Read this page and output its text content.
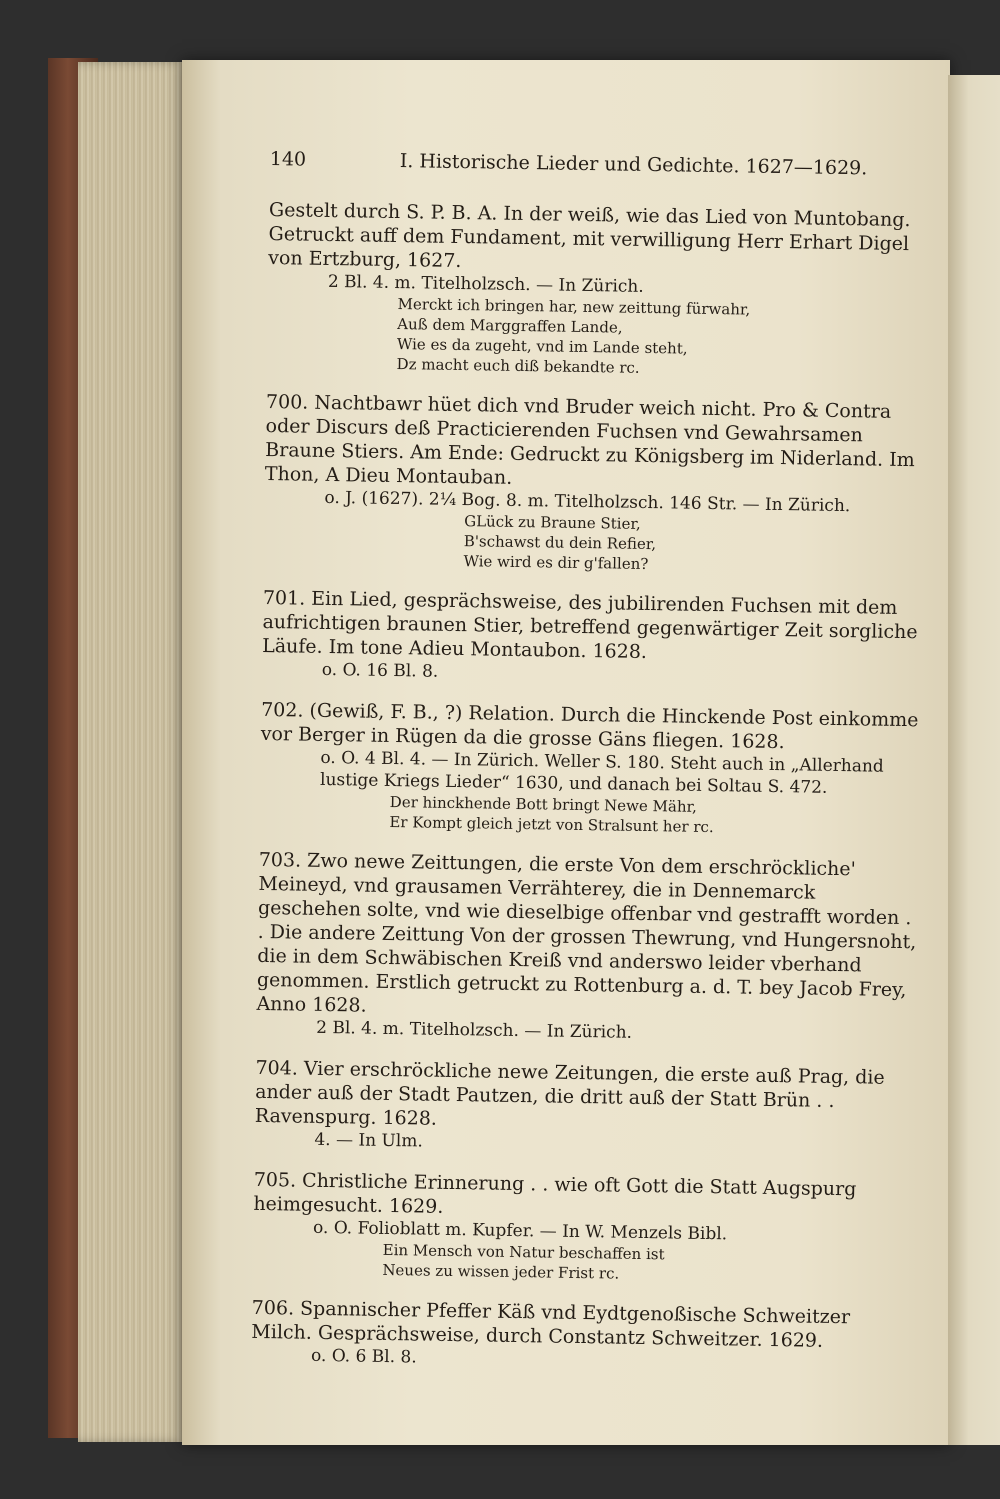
140	I. Historische Lieder und Gedichte. 1627—1629.

Gestelt durch S. P. B. A. In der weiß, wie das Lied von Muntobang. Getruckt auff dem Fundament, mit verwilligung Herr Erhart Digel von Ertzburg, 1627.

2 Bl. 4. m. Titelholzsch. — In Zürich.

Merckt ich bringen har, new zeittung fürwahr,

Auß dem Marggraffen Lande,

Wie es da zugeht, vnd im Lande steht,

Dz macht euch diß bekandte rc.

700. Nachtbawr hüet dich vnd Bruder weich nicht. Pro & Contra oder Discurs deß Practicierenden Fuchsen vnd Gewahrsamen Braune Stiers. Am Ende: Gedruckt zu Königsberg im Niderland. Im Thon, A Dieu Montauban.

o. J. (1627). 2¼ Bog. 8. m. Titelholzsch. 146 Str. — In Zürich.

GLück zu Braune Stier,

B'schawst du dein Refier,

Wie wird es dir g'fallen?

701. Ein Lied, gesprächsweise, des jubilirenden Fuchsen mit dem aufrichtigen braunen Stier, betreffend gegenwärtiger Zeit sorgliche Läufe. Im tone Adieu Montaubon. 1628.

o. O. 16 Bl. 8.

702. (Gewiß, F. B., ?) Relation. Durch die Hinckende Post einkomme vor Berger in Rügen da die grosse Gäns fliegen. 1628.

o. O. 4 Bl. 4. — In Zürich. Weller S. 180. Steht auch in „Allerhand lustige Kriegs Lieder“ 1630, und danach bei Soltau S. 472.

Der hinckhende Bott bringt Newe Mähr,

Er Kompt gleich jetzt von Stralsunt her rc.

703. Zwo newe Zeittungen, die erste Von dem erschröckliche' Meineyd, vnd grausamen Verrähterey, die in Dennemarck geschehen solte, vnd wie dieselbige offenbar vnd gestrafft worden . . Die andere Zeittung Von der grossen Thewrung, vnd Hungersnoht, die in dem Schwäbischen Kreiß vnd anderswo leider vberhand genommen. Erstlich getruckt zu Rottenburg a. d. T. bey Jacob Frey, Anno 1628.

2 Bl. 4. m. Titelholzsch. — In Zürich.

704. Vier erschröckliche newe Zeitungen, die erste auß Prag, die ander auß der Stadt Pautzen, die dritt auß der Statt Brün . . Ravenspurg. 1628.

4. — In Ulm.

705. Christliche Erinnerung . . wie oft Gott die Statt Augspurg heimgesucht. 1629.

o. O. Folioblatt m. Kupfer. — In W. Menzels Bibl.

Ein Mensch von Natur beschaffen ist

Neues zu wissen jeder Frist rc.

706. Spannischer Pfeffer Käß vnd Eydtgenoßische Schweitzer Milch. Gesprächsweise, durch Constantz Schweitzer. 1629.

o. O. 6 Bl. 8.
